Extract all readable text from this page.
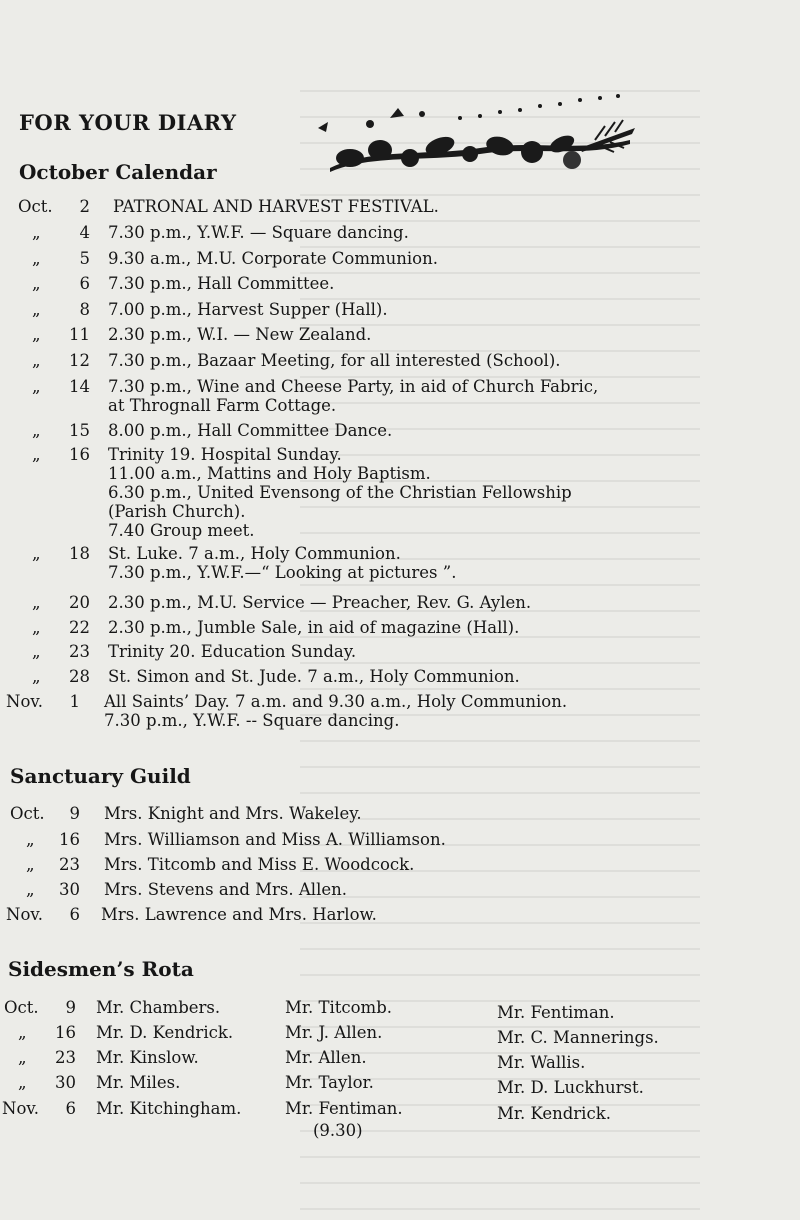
FOR YOUR DIARY
October Calendar
Oct.	2 PATRONAL AND HARVEST FESTIVAL.
„	4 7.30 p.m., Y.W.F. — Square dancing.
„	5 9.30 a.m., M.U. Corporate Communion.
„	6 7.30 p.m., Hall Committee.
„	8 7.00 p.m., Harvest Supper (Hall).
„ 11 2.30 p.m., W.I. — New Zealand.
„ 12 7.30 p.m., Bazaar Meeting, for all interested (School).
„ 14 7.30 p.m., Wine and Cheese Party, in aid of Church Fabric,
at Thrognall Farm Cottage.
„ 15 8.00 p.m., Hall Committee Dance.
„ 16 Trinity 19. Hospital Sunday.
11.00 a.m., Mattins and Holy Baptism.
6.30 p.m., United Evensong of the Christian Fellowship
(Parish Church).
7.40 Group meet.
„ 18 St. Luke. 7 a.m., Holy Communion.
7.30 p.m., Y.W.F.—“ Looking at pictures ”.
„ 20 2.30 p.m., M.U. Service — Preacher, Rev. G. Aylen.
„ 22 2.30 p.m., Jumble Sale, in aid of magazine (Hall).
„ 23 Trinity 20. Education Sunday.
„ 28 St. Simon and St. Jude. 7 a.m., Holy Communion.
Nov.	1 All Saints’ Day. 7 a.m. and 9.30 a.m., Holy Communion.
7.30 p.m., Y.W.F. -- Square dancing.
Sanctuary Guild
Oct.	9 Mrs. Knight and Mrs. Wakeley.
„ 16 Mrs. Williamson and Miss A. Williamson.
„ 23 Mrs. Titcomb and Miss E. Woodcock.
„ 30 Mrs. Stevens and Mrs. Allen.
Nov.	6 Mrs. Lawrence and Mrs. Harlow.
Sidesmen’s Rota
Oct.	9 Mr. Chambers.	Mr. Titcomb.	Mr. Fentiman.
„ 16 Mr. D. Kendrick.	Mr. J. Allen.	Mr. C. Mannerings.
„ 23 Mr. Kinslow.	Mr. Allen.	Mr. Wallis.
„ 30 Mr. Miles.	Mr. Taylor.	Mr. D. Luckhurst.
Nov.	6 Mr. Kitchingham.	Mr. Fentiman.	Mr. Kendrick.
(9.30)
